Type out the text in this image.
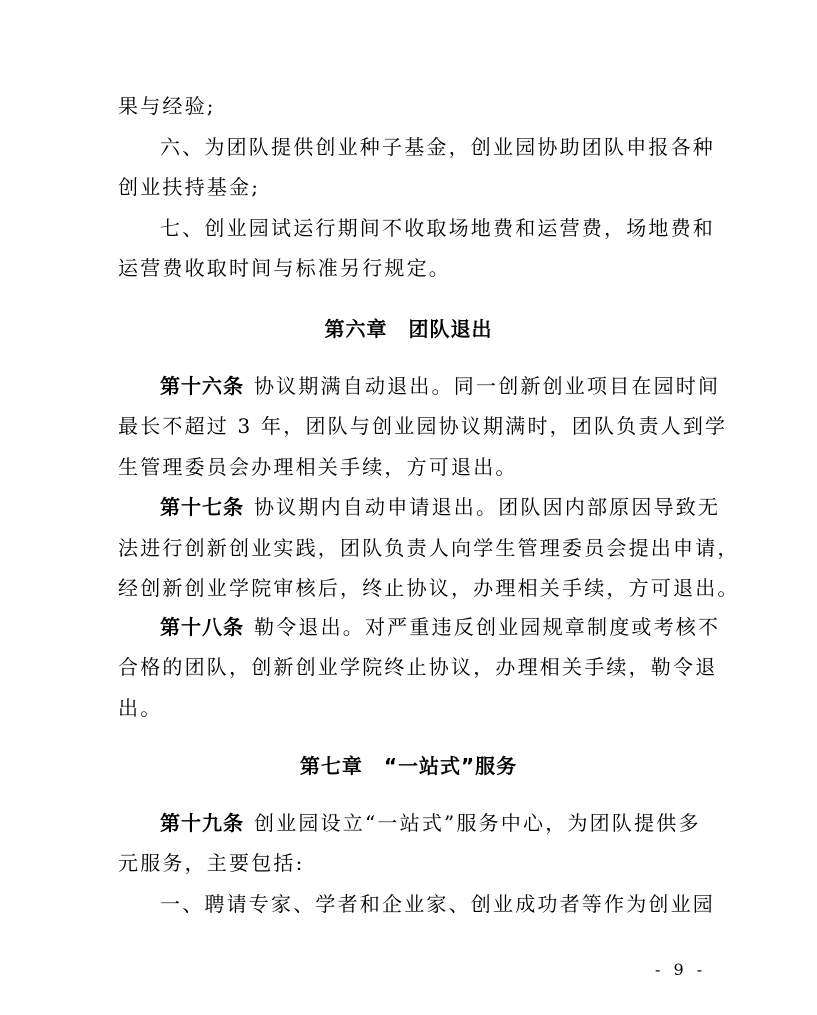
果与经验;
六、为团队提供创业种子基金，创业园协助团队申报各种
创业扶持基金;
七、创业园试运行期间不收取场地费和运营费，场地费和
运营费收取时间与标准另行规定。
第六章　团队退出
第十六条 协议期满自动退出。同一创新创业项目在园时间
最长不超过 3 年，团队与创业园协议期满时，团队负责人到学
生管理委员会办理相关手续，方可退出。
第十七条 协议期内自动申请退出。团队因内部原因导致无
法进行创新创业实践，团队负责人向学生管理委员会提出申请，
经创新创业学院审核后，终止协议，办理相关手续，方可退出。
第十八条 勒令退出。对严重违反创业园规章制度或考核不
合格的团队，创新创业学院终止协议，办理相关手续，勒令退
出。
第七章　“一站式”服务
第十九条 创业园设立“一站式”服务中心，为团队提供多
元服务，主要包括:
一、聘请专家、学者和企业家、创业成功者等作为创业园
- 9 -
